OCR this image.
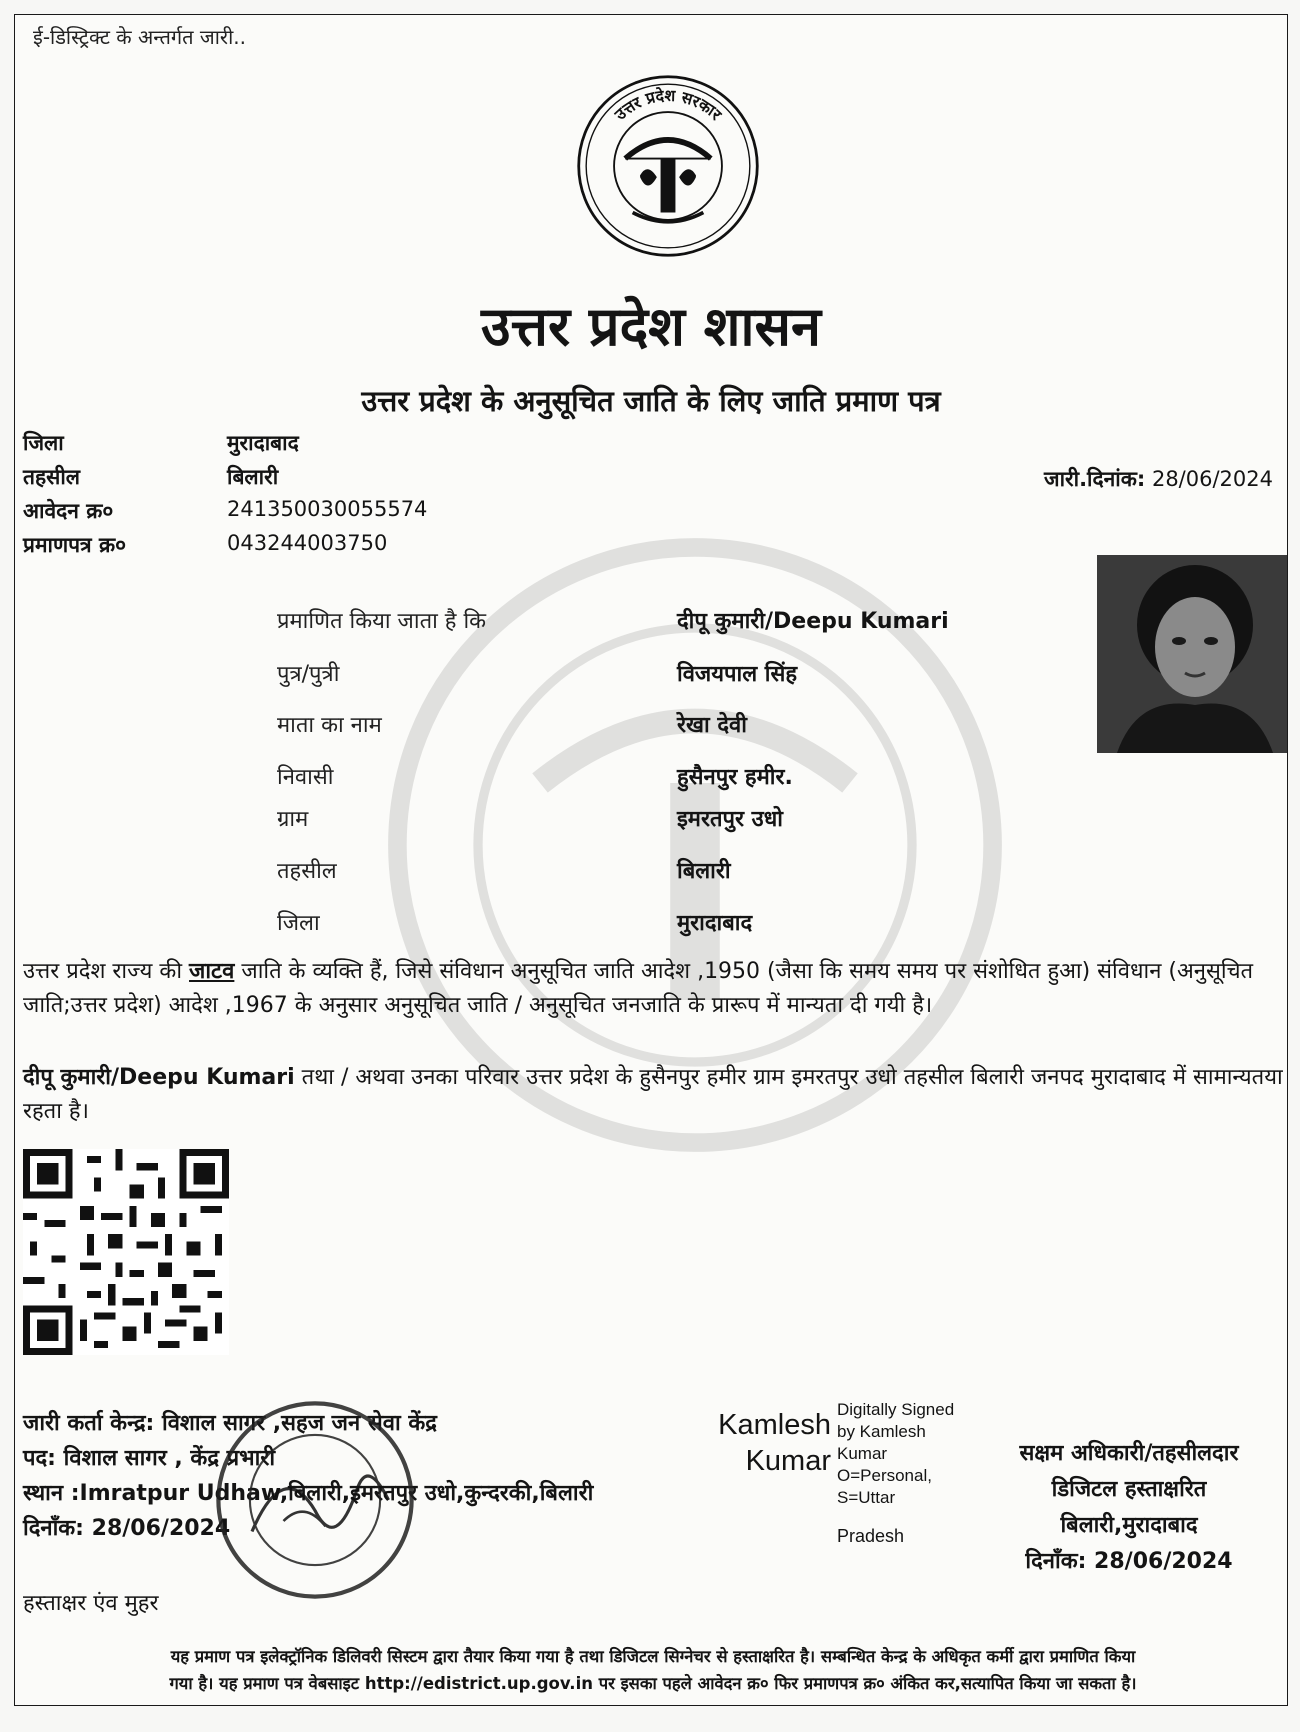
ई-डिस्ट्रिक्ट के अन्तर्गत जारी..
उत्तर प्रदेश सरकार
उत्तर प्रदेश शासन
उत्तर प्रदेश के अनुसूचित जाति के लिए जाति प्रमाण पत्र
जिला	मुरादाबाद
तहसील	बिलारी
आवेदन क्र०	241350030055574
प्रमाणपत्र क्र०	043244003750
जारी.दिनांक: 28/06/2024
प्रमाणित किया जाता है कि	दीपू कुमारी/Deepu Kumari
पुत्र/पुत्री	विजयपाल सिंह
माता का नाम	रेखा देवी
निवासी	हुसैनपुर हमीर.
ग्राम	इमरतपुर उधो
तहसील	बिलारी
जिला	मुरादाबाद
उत्तर प्रदेश राज्य की जाटव जाति के व्यक्ति हैं, जिसे संविधान अनुसूचित जाति आदेश ,1950 (जैसा कि समय समय पर संशोधित हुआ) संविधान (अनुसूचित जाति;उत्तर प्रदेश) आदेश ,1967 के अनुसार अनुसूचित जाति / अनुसूचित जनजाति के प्रारूप में मान्यता दी गयी है।
दीपू कुमारी/Deepu Kumari तथा / अथवा उनका परिवार उत्तर प्रदेश के हुसैनपुर हमीर ग्राम इमरतपुर उधो तहसील बिलारी जनपद मुरादाबाद में सामान्यतया रहता है।
जारी कर्ता केन्द्र: विशाल सागर ,सहज जन सेवा केंद्र
पद: विशाल सागर , केंद्र प्रभारी
स्थान :Imratpur Udhaw,बिलारी,इमरतपुर उधो,कुन्दरकी,बिलारी
दिनॉंक: 28/06/2024
हस्ताक्षर एंव मुहर
Kamlesh
Kumar
Digitally Signed
by Kamlesh
Kumar
O=Personal,
S=Uttar
Pradesh
सक्षम अधिकारी/तहसीलदार
डिजिटल हस्ताक्षरित
बिलारी,मुरादाबाद
दिनॉंक: 28/06/2024
यह प्रमाण पत्र इलेक्ट्रॉनिक डिलिवरी सिस्टम द्वारा तैयार किया गया है तथा डिजिटल सिग्नेचर से हस्ताक्षरित है। सम्बन्धित केन्द्र के अधिकृत कर्मी द्वारा प्रमाणित किया
गया है। यह प्रमाण पत्र वेबसाइट http://edistrict.up.gov.in पर इसका पहले आवेदन क्र० फिर प्रमाणपत्र क्र० अंकित कर,सत्यापित किया जा सकता है।
